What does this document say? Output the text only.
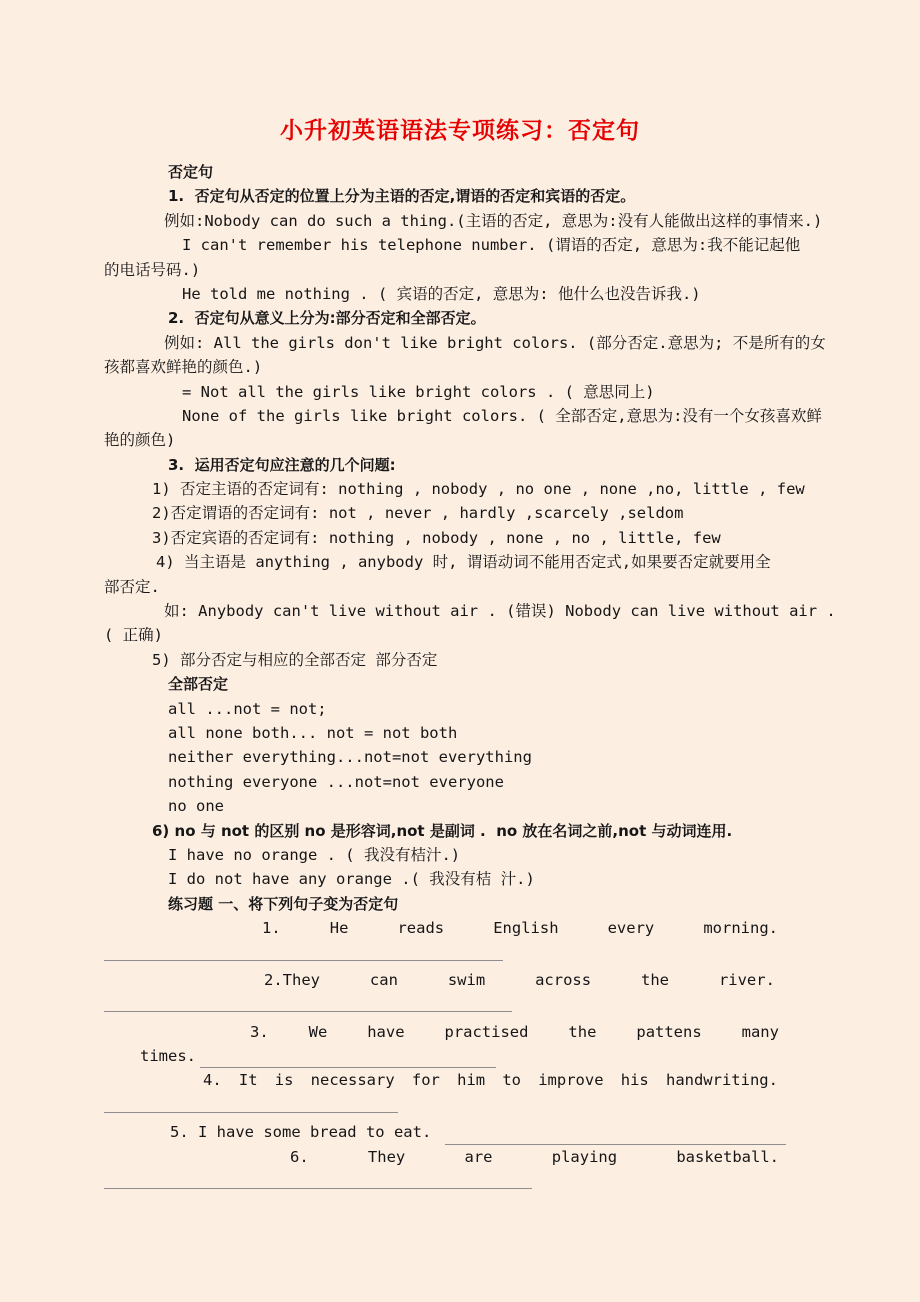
小升初英语语法专项练习：否定句
否定句
1.  否定句从否定的位置上分为主语的否定,谓语的否定和宾语的否定。
例如:Nobody can do such a thing.(主语的否定, 意思为:没有人能做出这样的事情来.)
I can't remember his telephone number. (谓语的否定, 意思为:我不能记起他
的电话号码.)
He told me nothing . ( 宾语的否定, 意思为: 他什么也没告诉我.)
2.  否定句从意义上分为:部分否定和全部否定。
例如: All the girls don't like bright colors. (部分否定.意思为; 不是所有的女
孩都喜欢鲜艳的颜色.)
= Not all the girls like bright colors . ( 意思同上)
None of the girls like bright colors. ( 全部否定,意思为:没有一个女孩喜欢鲜
艳的颜色)
3.  运用否定句应注意的几个问题:
1) 否定主语的否定词有: nothing , nobody , no one , none ,no, little , few
2)否定谓语的否定词有: not , never , hardly ,scarcely ,seldom
3)否定宾语的否定词有: nothing , nobody , none , no , little, few
4) 当主语是 anything , anybody 时, 谓语动词不能用否定式,如果要否定就要用全
部否定.
如: Anybody can't live without air . (错误) Nobody can live without air .
( 正确)
5) 部分否定与相应的全部否定 部分否定
全部否定
all ...not = not;
all none both... not = not both
neither everything...not=not everything
nothing everyone ...not=not everyone
no one
6) no 与 not 的区别 no 是形容词,not 是副词 .  no 放在名词之前,not 与动词连用.
I have no orange . ( 我没有桔汁.)
I do not have any orange .( 我没有桔 汁.)
练习题 一、将下列句子变为否定句
1.	He	reads	English	every	morning.
2.They	can	swim	across	the	river.
3.	We	have	practised	the	pattens	many
times.
4. It is necessary for him to improve his handwriting.
5. I have some bread to eat.
6.	They	are	playing	basketball.
